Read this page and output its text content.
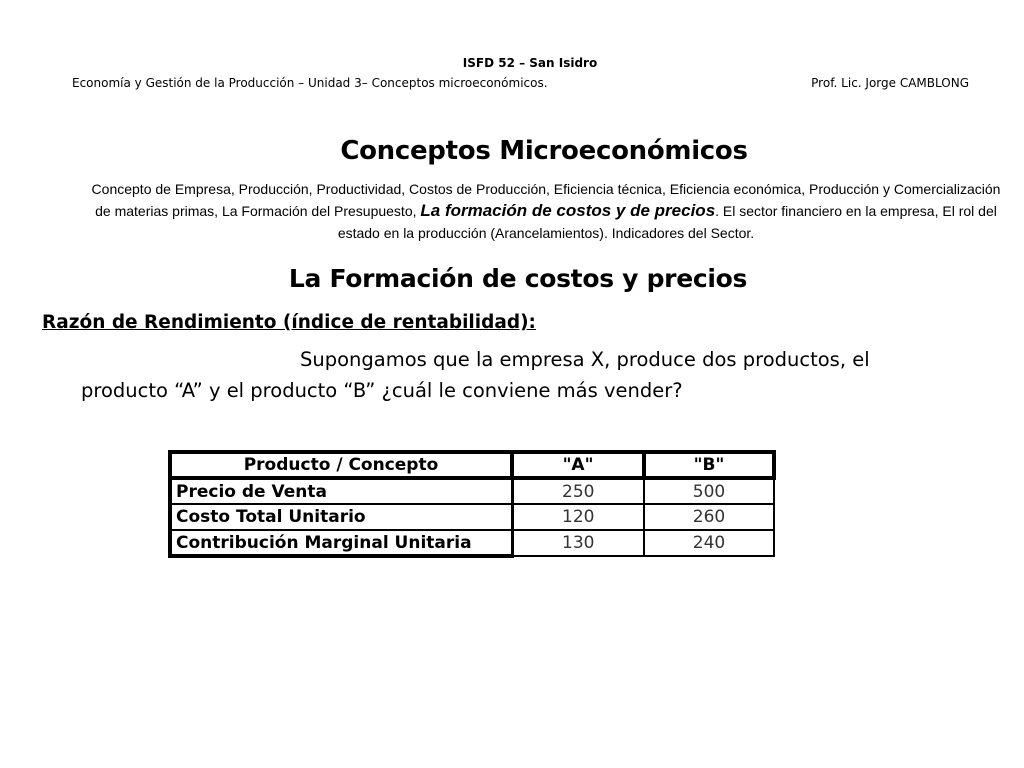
ISFD 52 – San Isidro
Economía y Gestión de la Producción – Unidad 3– Conceptos microeconómicos.	Prof. Lic. Jorge CAMBLONG
Conceptos Microeconómicos
Concepto de Empresa, Producción, Productividad, Costos de Producción, Eficiencia técnica, Eficiencia económica, Producción y Comercialización de materias primas, La Formación del Presupuesto, La formación de costos y de precios. El sector financiero en la empresa, El rol del estado en la producción (Arancelamientos). Indicadores del Sector.
La Formación de costos y precios
Razón de Rendimiento (índice de rentabilidad):
Supongamos que la empresa X, produce dos productos, el
producto “A” y el producto “B” ¿cuál le conviene más vender?
Producto / Concepto	"A"	"B"
Precio de Venta	250	500
Costo Total Unitario	120	260
Contribución Marginal Unitaria	130	240
